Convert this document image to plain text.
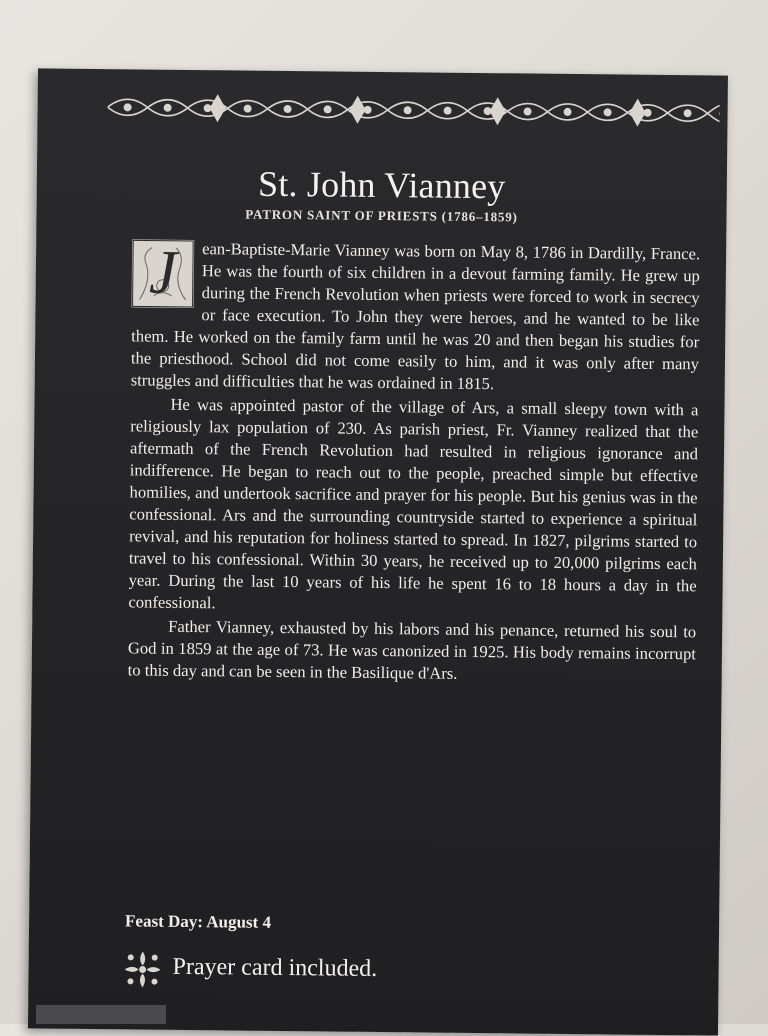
St. John Vianney
PATRON SAINT OF PRIESTS (1786–1859)
J	ean-Baptiste-Marie Vianney was born on May 8, 1786 in Dardilly, France. He was the fourth of six children in a devout farming family. He grew up during the French Revolution when priests were forced to work in secrecy or face execution. To John they were heroes, and he wanted to be like them. He worked on the family farm until he was 20 and then began his studies for the priesthood. School did not come easily to him, and it was only after many struggles and difficulties that he was ordained in 1815.

He was appointed pastor of the village of Ars, a small sleepy town with a religiously lax population of 230. As parish priest, Fr. Vianney realized that the aftermath of the French Revolution had resulted in religious ignorance and indifference. He began to reach out to the people, preached simple but effective homilies, and undertook sacrifice and prayer for his people. But his genius was in the confessional. Ars and the surrounding countryside started to experience a spiritual revival, and his reputation for holiness started to spread. In 1827, pilgrims started to travel to his confessional. Within 30 years, he received up to 20,000 pilgrims each year. During the last 10 years of his life he spent 16 to 18 hours a day in the confessional.

Father Vianney, exhausted by his labors and his penance, returned his soul to God in 1859 at the age of 73. He was canonized in 1925. His body remains incorrupt to this day and can be seen in the Basilique d'Ars.

Feast Day: August 4
Prayer card included.
